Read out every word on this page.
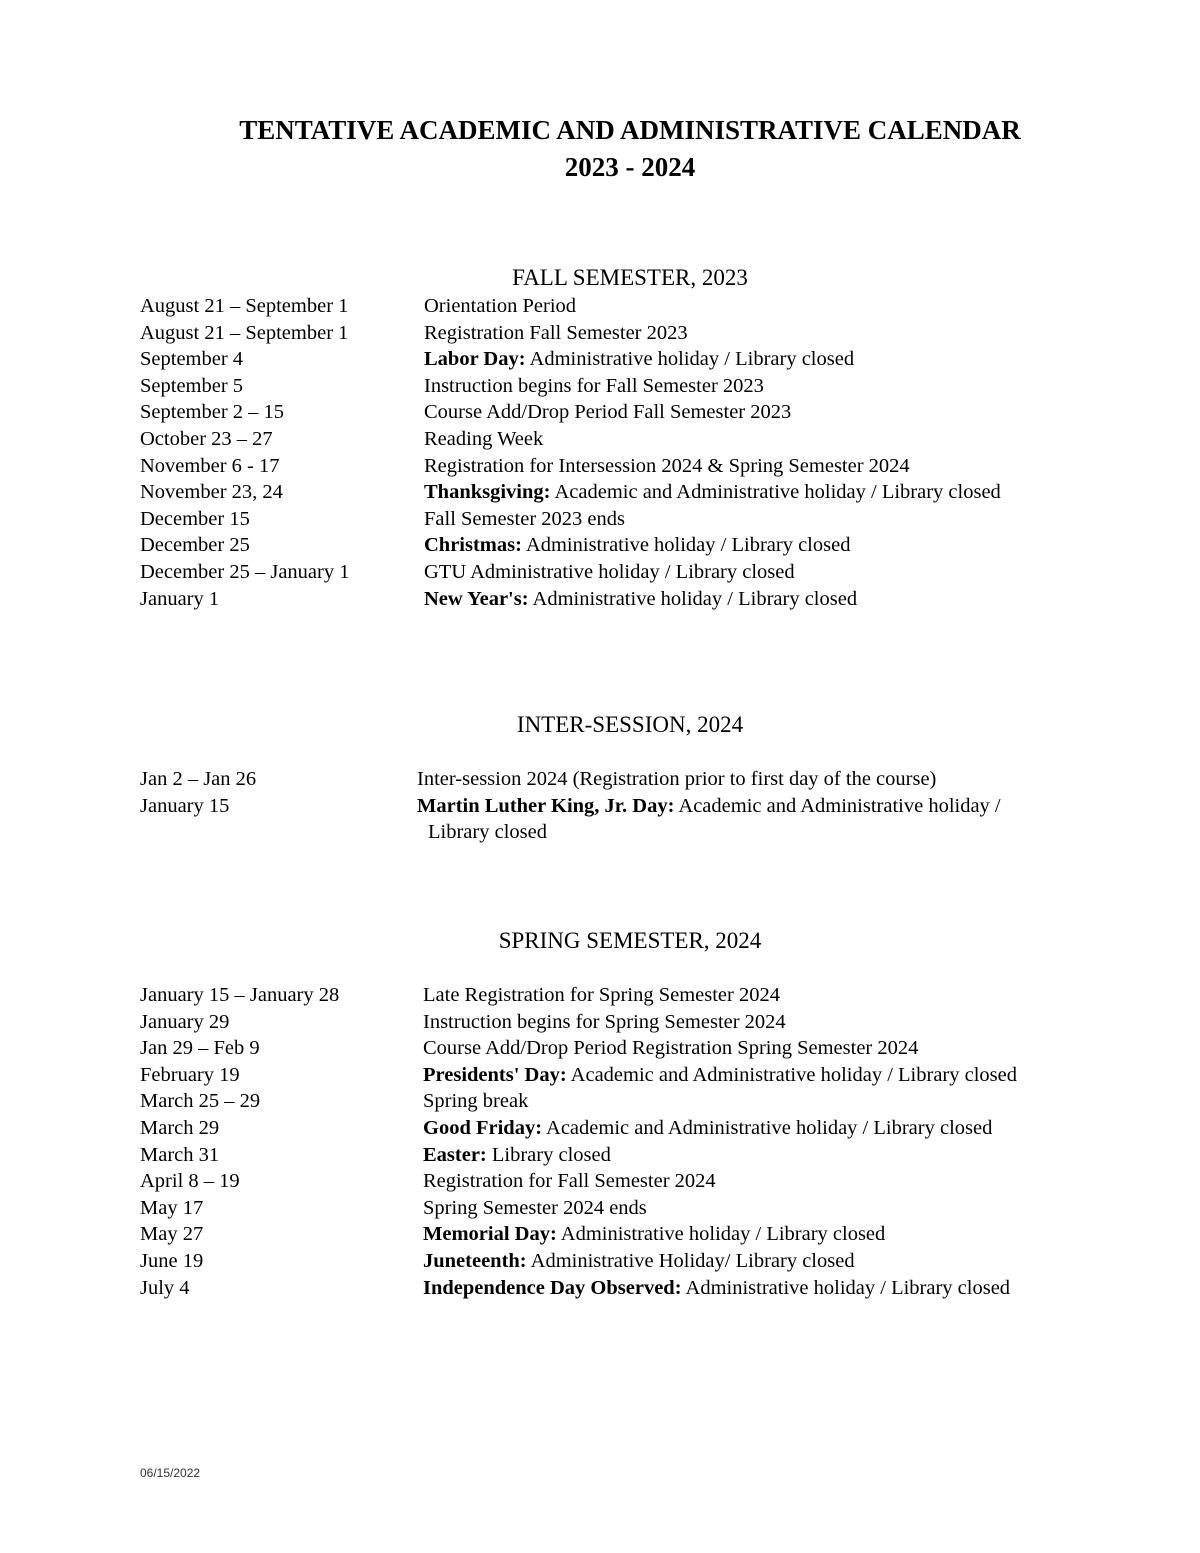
TENTATIVE ACADEMIC AND ADMINISTRATIVE CALENDAR
2023 - 2024
FALL SEMESTER, 2023
August 21 – September 1	Orientation Period
August 21 – September 1	Registration Fall Semester 2023
September 4	Labor Day: Administrative holiday / Library closed
September 5	Instruction begins for Fall Semester 2023
September 2 – 15	Course Add/Drop Period Fall Semester 2023
October 23 – 27	Reading Week
November 6 - 17	Registration for Intersession 2024 & Spring Semester 2024
November 23, 24	Thanksgiving: Academic and Administrative holiday / Library closed
December 15	Fall Semester 2023 ends
December 25	Christmas: Administrative holiday / Library closed
December 25 – January 1	GTU Administrative holiday / Library closed
January 1	New Year's: Administrative holiday / Library closed
INTER-SESSION, 2024
Jan 2 – Jan 26	Inter-session 2024 (Registration prior to first day of the course)
January 15	Martin Luther King, Jr. Day: Academic and Administrative holiday /
Library closed
SPRING SEMESTER, 2024
January 15 – January 28	Late Registration for Spring Semester 2024
January 29	Instruction begins for Spring Semester 2024
Jan 29 – Feb 9	Course Add/Drop Period Registration Spring Semester 2024
February 19	Presidents' Day: Academic and Administrative holiday / Library closed
March 25 – 29	Spring break
March 29	Good Friday: Academic and Administrative holiday / Library closed
March 31	Easter: Library closed
April 8 – 19	Registration for Fall Semester 2024
May 17	Spring Semester 2024 ends
May 27	Memorial Day: Administrative holiday / Library closed
June 19	Juneteenth: Administrative Holiday/ Library closed
July 4	Independence Day Observed: Administrative holiday / Library closed
06/15/2022
